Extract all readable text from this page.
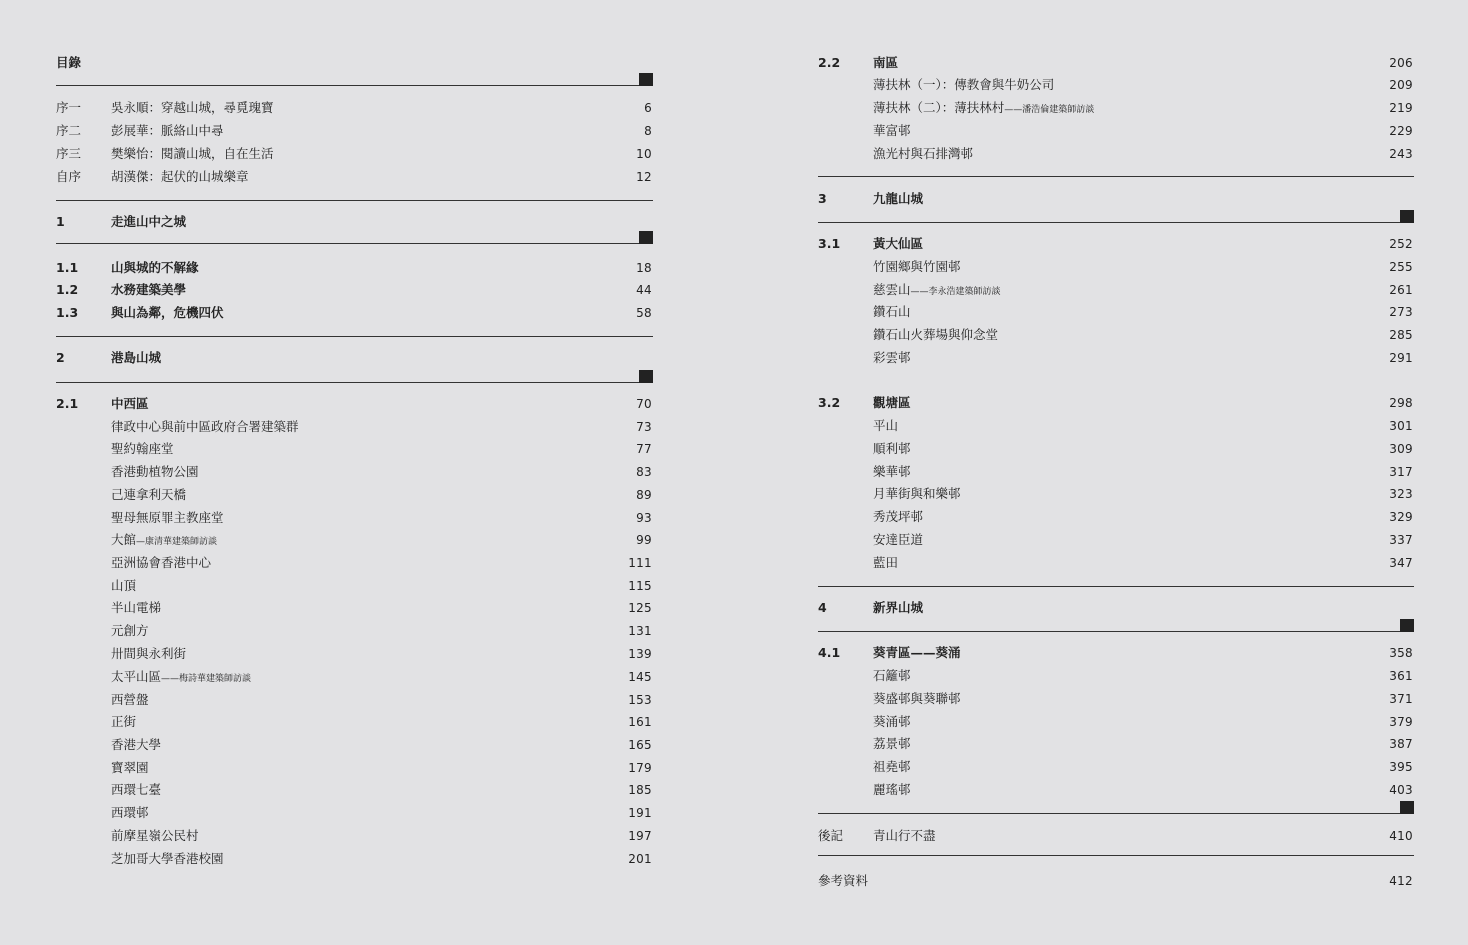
目錄
序一 吳永順：穿越山城，尋覓瑰寶	6
序二 彭展華：脈絡山中尋	8
序三 樊樂怡：閱讀山城，自在生活	10
自序 胡漢傑：起伏的山城樂章	12
1	走進山中之城
1.1	山與城的不解緣	18
1.2	水務建築美學	44
1.3	與山為鄰，危機四伏	58
2	港島山城
2.1	中西區	70
律政中心與前中區政府合署建築群	73
聖約翰座堂	77
香港動植物公園	83
己連拿利天橋	89
聖母無原罪主教座堂	93
大館—康清華建築師訪談	99
亞洲協會香港中心	111
山頂	115
半山電梯	125
元創方	131
卅間與永利街	139
太平山區——梅詩華建築師訪談	145
西營盤	153
正街	161
香港大學	165
寶翠園	179
西環七臺	185
西環邨	191
前摩星嶺公民村	197
芝加哥大學香港校園	201
2.2	南區	206
薄扶林（一）：傳教會與牛奶公司	209
薄扶林（二）：薄扶林村——潘浩倫建築師訪談	219
華富邨	229
漁光村與石排灣邨	243
3	九龍山城
3.1	黃大仙區	252
竹園鄉與竹園邨	255
慈雲山——李永浩建築師訪談	261
鑽石山	273
鑽石山火葬場與仰念堂	285
彩雲邨	291
3.2	觀塘區	298
平山	301
順利邨	309
樂華邨	317
月華街與和樂邨	323
秀茂坪邨	329
安達臣道	337
藍田	347
4	新界山城
4.1	葵青區——葵涌	358
石籬邨	361
葵盛邨與葵聯邨	371
葵涌邨	379
荔景邨	387
祖堯邨	395
麗瑤邨	403
後記 青山行不盡	410
參考資料	412
